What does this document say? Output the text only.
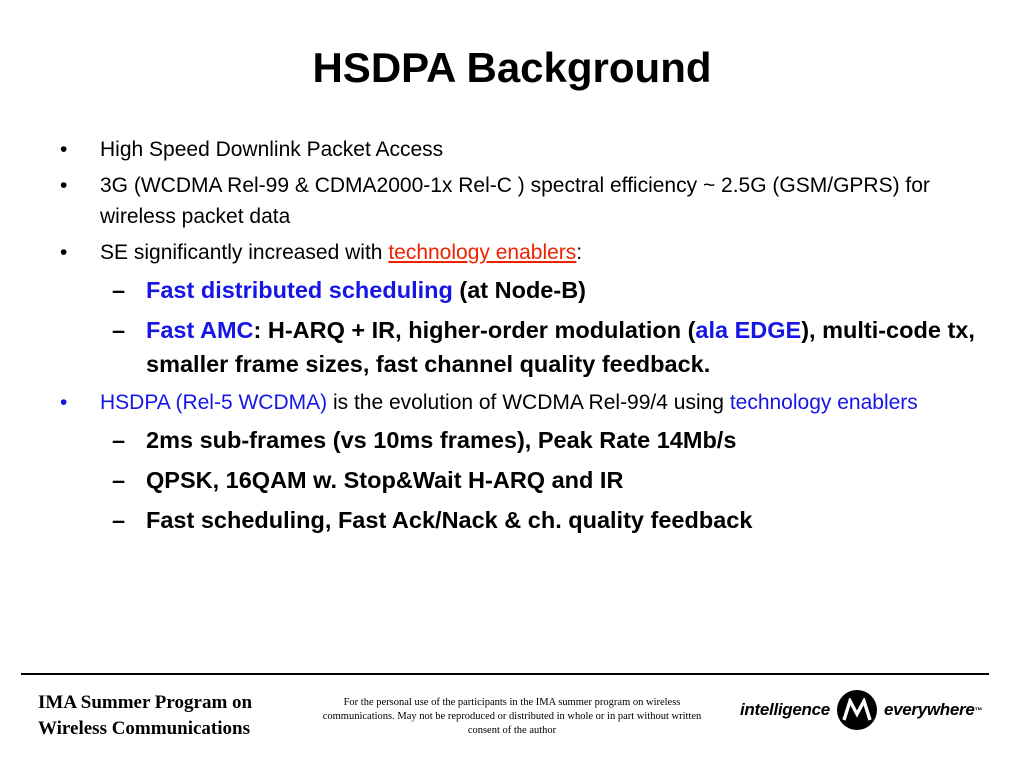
HSDPA Background
• High Speed Downlink Packet Access
• 3G (WCDMA Rel-99 & CDMA2000-1x Rel-C ) spectral efficiency ~ 2.5G (GSM/GPRS) for wireless packet data
• SE significantly increased with technology enablers:
– Fast distributed scheduling (at Node-B)
– Fast AMC: H-ARQ + IR, higher-order modulation (ala EDGE), multi-code tx, smaller frame sizes, fast channel quality feedback.
• HSDPA (Rel-5 WCDMA) is the evolution of WCDMA Rel-99/4 using technology enablers
– 2ms sub-frames (vs 10ms frames), Peak Rate 14Mb/s
– QPSK, 16QAM w. Stop&Wait H-ARQ and IR
– Fast scheduling, Fast Ack/Nack & ch. quality feedback
IMA Summer Program on
Wireless Communications
For the personal use of the participants in the IMA summer program on wireless communications. May not be reproduced or distributed in whole or in part without written consent of the author
intelligence	everywhere ™
